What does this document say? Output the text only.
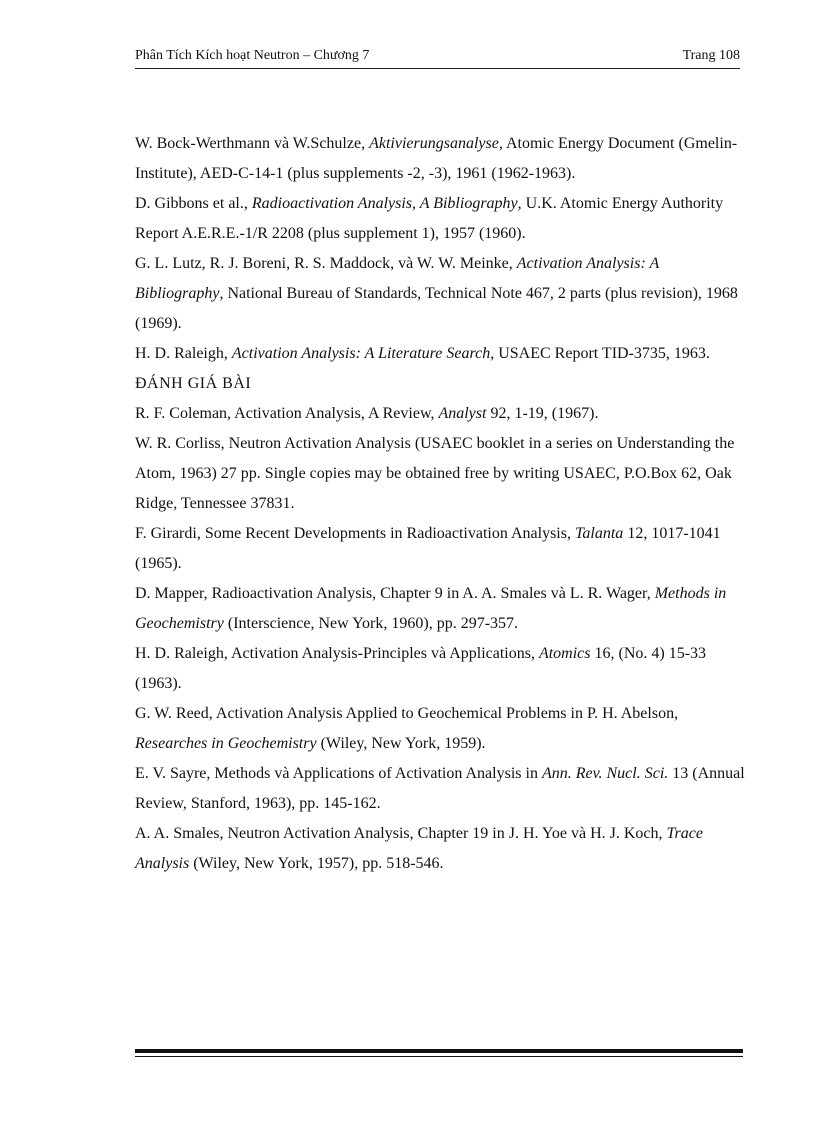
Phân Tích Kích hoạt Neutron – Chương 7	Trang 108

W. Bock-Werthmann và W.Schulze, Aktivierungsanalyse, Atomic Energy Document (Gmelin-Institute), AED-C-14-1 (plus supplements -2, -3), 1961 (1962-1963).

D. Gibbons et al., Radioactivation Analysis, A Bibliography, U.K. Atomic Energy Authority Report A.E.R.E.-1/R 2208 (plus supplement 1), 1957 (1960).

G. L. Lutz, R. J. Boreni, R. S. Maddock, và W. W. Meinke, Activation Analysis: A Bibliography, National Bureau of Standards, Technical Note 467, 2 parts (plus revision), 1968 (1969).

H. D. Raleigh, Activation Analysis: A Literature Search, USAEC Report TID-3735, 1963.

ĐÁNH GIÁ BÀI

R. F. Coleman, Activation Analysis, A Review, Analyst 92, 1-19, (1967).

W. R. Corliss, Neutron Activation Analysis (USAEC booklet in a series on Understanding the Atom, 1963) 27 pp. Single copies may be obtained free by writing USAEC, P.O.Box 62, Oak Ridge, Tennessee 37831.

F. Girardi, Some Recent Developments in Radioactivation Analysis, Talanta 12, 1017-1041 (1965).

D. Mapper, Radioactivation Analysis, Chapter 9 in A. A. Smales và L. R. Wager, Methods in Geochemistry (Interscience, New York, 1960), pp. 297-357.

H. D. Raleigh, Activation Analysis-Principles và Applications, Atomics 16, (No. 4) 15-33 (1963).

G. W. Reed, Activation Analysis Applied to Geochemical Problems in P. H. Abelson, Researches in Geochemistry (Wiley, New York, 1959).

E. V. Sayre, Methods và Applications of Activation Analysis in Ann. Rev. Nucl. Sci. 13 (Annual Review, Stanford, 1963), pp. 145-162.

A. A. Smales, Neutron Activation Analysis, Chapter 19 in J. H. Yoe và H. J. Koch, Trace Analysis (Wiley, New York, 1957), pp. 518-546.
